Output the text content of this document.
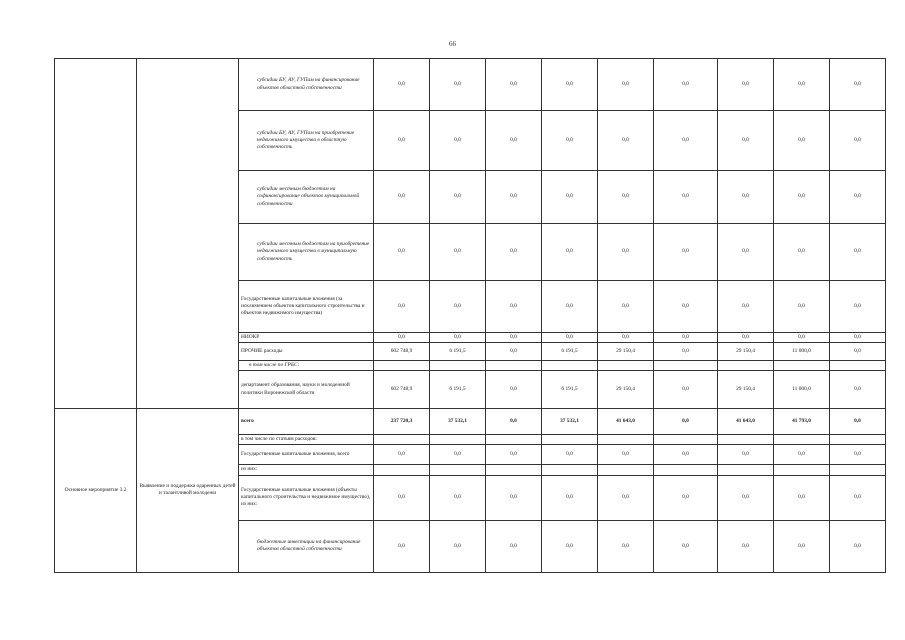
66
		субсидии БУ, АУ, ГУПам на финансирование объектов областной собственности	0,0	0,0	0,0	0,0	0,0	0,0	0,0	0,0	0,0	
		субсидии БУ, АУ, ГУПам на приобретение недвижимого имущества в областную собственность	0,0	0,0	0,0	0,0	0,0	0,0	0,0	0,0	0,0	
		субсидии местным бюджетам на софинансирование объектов муниципальной собственности	0,0	0,0	0,0	0,0	0,0	0,0	0,0	0,0	0,0	
		субсидии местным бюджетам на приобретение недвижимого имущества в муниципальную собственность	0,0	0,0	0,0	0,0	0,0	0,0	0,0	0,0	0,0	
		Государственные капитальные вложения (за исключением объектов капитального строительства и объектов недвижимого имущества)	0,0	0,0	0,0	0,0	0,0	0,0	0,0	0,0	0,0	
		НИОКР	0,0	0,0	0,0	0,0	0,0	0,0	0,0	0,0	0,0	
		ПРОЧИЕ расходы	602 748,9	6 191,5	0,0	6 191,5	29 150,4	0,0	29 150,4	11 000,0	0,0	
		в том числе по ГРБС:										
		департамент образования, науки и молодежной политики Воронежской области	602 748,9	6 191,5	0,0	6 191,5	29 150,4	0,0	29 150,4	11 000,0	0,0	
Основное мероприятие 3.2	Выявление и поддержка одаренных детей и талантливой молодежи	всего	237 720,3	37 532,1	0,0	37 532,1	41 643,0	0,0	41 643,0	41 793,0	0,0	
		в том числе по статьям расходов:										
		Государственные капитальные вложения, всего	0,0	0,0	0,0	0,0	0,0	0,0	0,0	0,0	0,0	
		из них:										
		Государственные капитальные вложения (объекты капитального строительства и недвижимое имущество), из них:	0,0	0,0	0,0	0,0	0,0	0,0	0,0	0,0	0,0	
		бюджетные инвестиции на финансирование объектов областной собственности	0,0	0,0	0,0	0,0	0,0	0,0	0,0	0,0	0,0	
